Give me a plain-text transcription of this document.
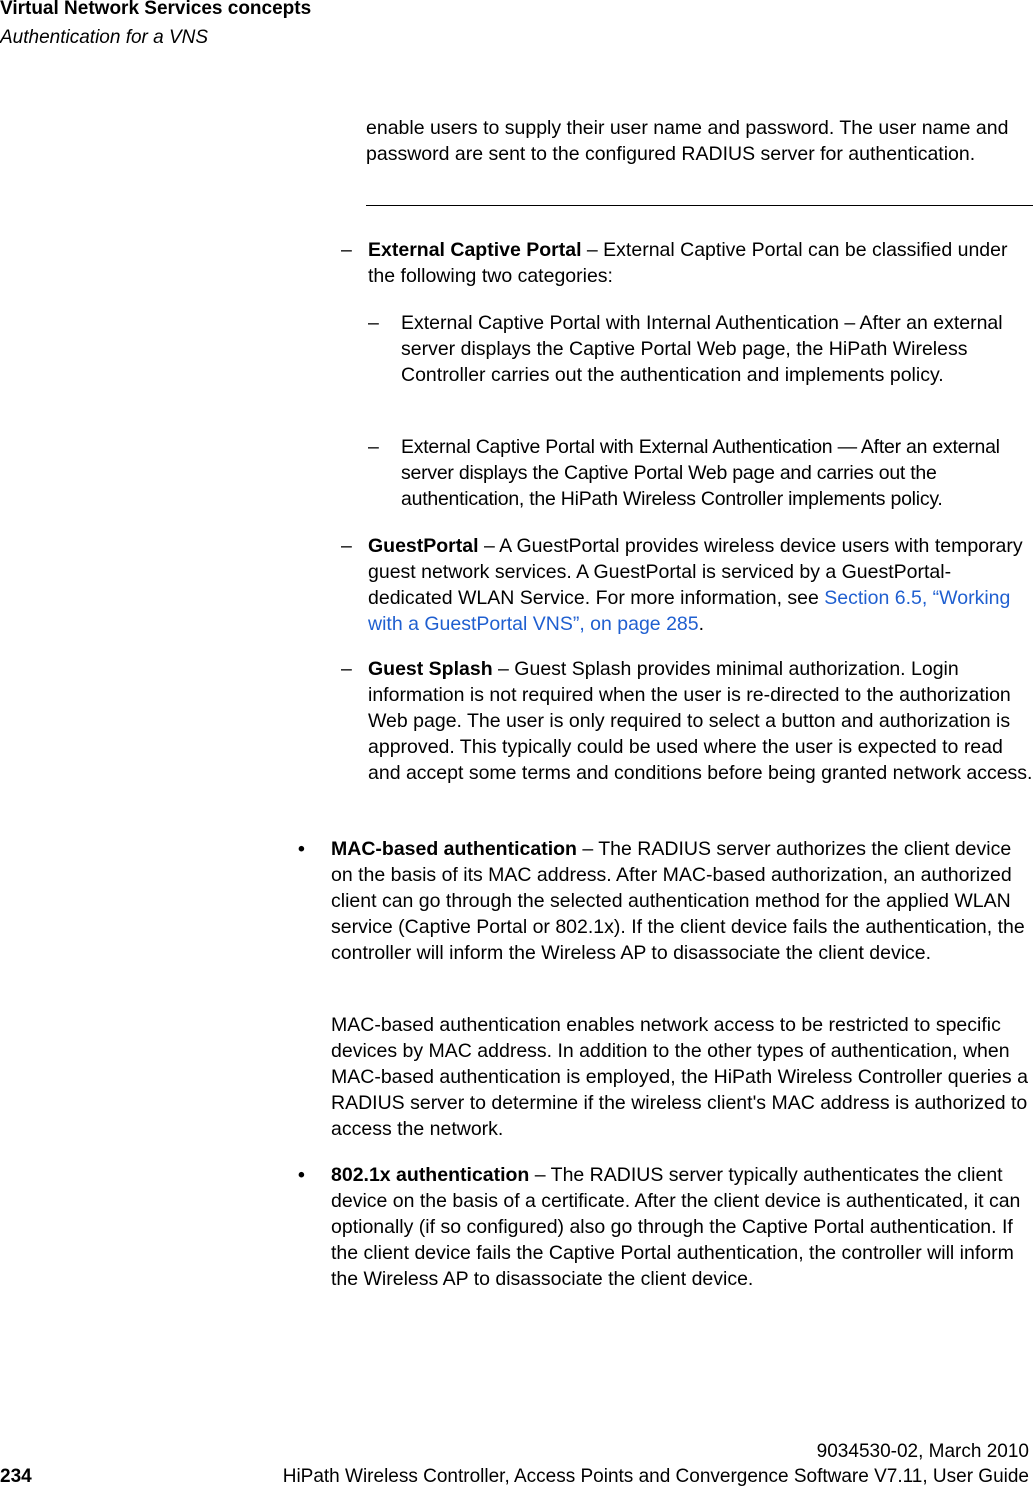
Virtual Network Services concepts
Authentication for a VNS

enable users to supply their user name and password. The user name and password are sent to the configured RADIUS server for authentication.

– External Captive Portal – External Captive Portal can be classified under the following two categories:

– External Captive Portal with Internal Authentication – After an external server displays the Captive Portal Web page, the HiPath Wireless Controller carries out the authentication and implements policy.

– External Captive Portal with External Authentication — After an external server displays the Captive Portal Web page and carries out the authentication, the HiPath Wireless Controller implements policy.

– GuestPortal – A GuestPortal provides wireless device users with temporary guest network services. A GuestPortal is serviced by a GuestPortal-dedicated WLAN Service. For more information, see Section 6.5, “Working with a GuestPortal VNS”, on page 285.

– Guest Splash – Guest Splash provides minimal authorization. Login information is not required when the user is re-directed to the authorization Web page. The user is only required to select a button and authorization is approved. This typically could be used where the user is expected to read and accept some terms and conditions before being granted network access.

• MAC-based authentication – The RADIUS server authorizes the client device on the basis of its MAC address. After MAC-based authorization, an authorized client can go through the selected authentication method for the applied WLAN service (Captive Portal or 802.1x). If the client device fails the authentication, the controller will inform the Wireless AP to disassociate the client device.

MAC-based authentication enables network access to be restricted to specific devices by MAC address. In addition to the other types of authentication, when MAC-based authentication is employed, the HiPath Wireless Controller queries a RADIUS server to determine if the wireless client's MAC address is authorized to access the network.

• 802.1x authentication – The RADIUS server typically authenticates the client device on the basis of a certificate. After the client device is authenticated, it can optionally (if so configured) also go through the Captive Portal authentication. If the client device fails the Captive Portal authentication, the controller will inform the Wireless AP to disassociate the client device.

9034530-02, March 2010
234	HiPath Wireless Controller, Access Points and Convergence Software V7.11, User Guide
